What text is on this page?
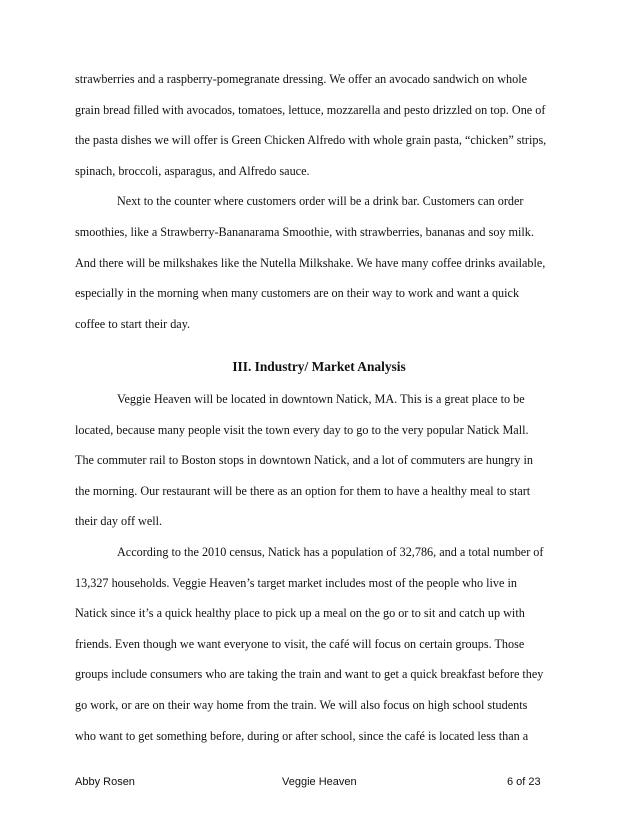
strawberries and a raspberry-pomegranate dressing. We offer an avocado sandwich on whole
grain bread filled with avocados, tomatoes, lettuce, mozzarella and pesto drizzled on top. One of
the pasta dishes we will offer is Green Chicken Alfredo with whole grain pasta, “chicken” strips,
spinach, broccoli, asparagus, and Alfredo sauce.
Next to the counter where customers order will be a drink bar. Customers can order
smoothies, like a Strawberry-Bananarama Smoothie, with strawberries, bananas and soy milk.
And there will be milkshakes like the Nutella Milkshake. We have many coffee drinks available,
especially in the morning when many customers are on their way to work and want a quick
coffee to start their day.
III. Industry/ Market Analysis
Veggie Heaven will be located in downtown Natick, MA. This is a great place to be
located, because many people visit the town every day to go to the very popular Natick Mall.
The commuter rail to Boston stops in downtown Natick, and a lot of commuters are hungry in
the morning. Our restaurant will be there as an option for them to have a healthy meal to start
their day off well.
According to the 2010 census, Natick has a population of 32,786, and a total number of
13,327 households. Veggie Heaven’s target market includes most of the people who live in
Natick since it’s a quick healthy place to pick up a meal on the go or to sit and catch up with
friends. Even though we want everyone to visit, the café will focus on certain groups. Those
groups include consumers who are taking the train and want to get a quick breakfast before they
go work, or are on their way home from the train. We will also focus on high school students
who want to get something before, during or after school, since the café is located less than a
Abby Rosen	Veggie Heaven	6 of 23
